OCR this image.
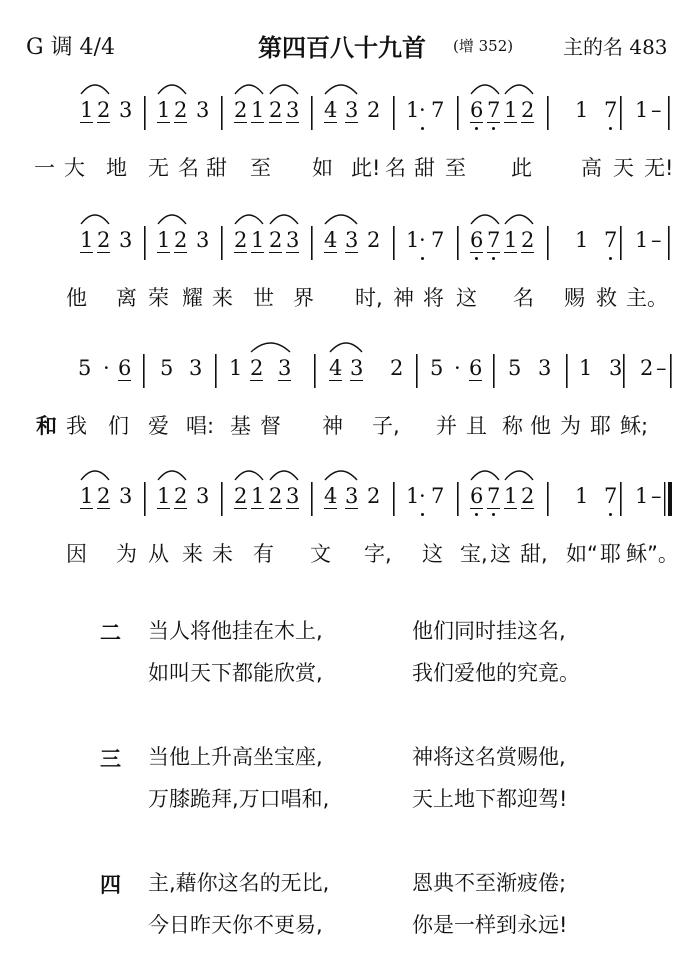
G 调 4/4	第四百八十九首 (增 352) 主的名 483
1 2 3 1 2 3 2 1 2 3 4 3 2 1 · 7 6 7 1 2 1 7 1 –
一 大 地 无 名 甜 至 如 此! 名 甜 至 此 高 天 无!
1 2 3 1 2 3 2 1 2 3 4 3 2 1 · 7 6 7 1 2 1 7 1 –
他 离 荣 耀 来 世 界 时, 神 将 这 名 赐 救 主。
5 · 6 5 3 1 2 3 4 3 2 5 · 6 5 3 1 3 2 –
和 我 们 爱 唱: 基 督 神 子, 并 且 称 他 为 耶 稣;
1 2 3 1 2 3 2 1 2 3 4 3 2 1 · 7 6 7 1 2 1 7 1 –
因 为 从 来 未 有 文 字, 这 宝, 这 甜, 如“ 耶 稣”。
二 当人将他挂在木上,	他们同时挂这名,
如叫天下都能欣赏,	我们爱他的究竟。
三 当他上升高坐宝座,	神将这名赏赐他,
万膝跪拜,万口唱和,	天上地下都迎驾!
四 主,藉你这名的无比,	恩典不至渐疲倦;
今日昨天你不更易,	你是一样到永远!
